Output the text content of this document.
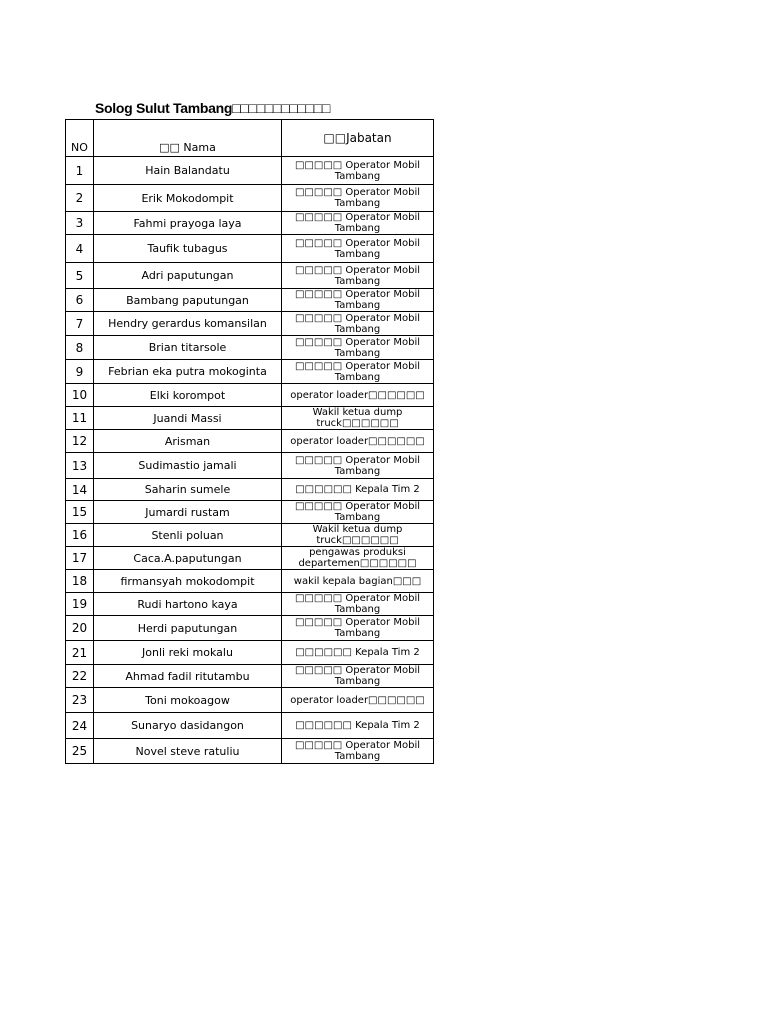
Solog Sulut Tambang□□□□□□□□□□□□
NO	□□ Nama	□□Jabatan
1	Hain Balandatu	□□□□□ Operator Mobil Tambang

2	Erik Mokodompit	□□□□□ Operator Mobil Tambang

3	Fahmi prayoga laya	□□□□□ Operator Mobil Tambang

4	Taufik tubagus	□□□□□ Operator Mobil Tambang

5	Adri paputungan	□□□□□ Operator Mobil Tambang

6	Bambang paputungan	□□□□□ Operator Mobil Tambang

7	Hendry gerardus komansilan	□□□□□ Operator Mobil Tambang

8	Brian titarsole	□□□□□ Operator Mobil Tambang

9	Febrian eka putra mokoginta	□□□□□ Operator Mobil Tambang

10	Elki korompot	operator loader□□□□□□

11	Juandi Massi	Wakil ketua dump truck□□□□□□

12	Arisman	operator loader□□□□□□

13	Sudimastio jamali	□□□□□ Operator Mobil Tambang

14	Saharin sumele	□□□□□□ Kepala Tim 2

15	Jumardi rustam	□□□□□ Operator Mobil Tambang

16	Stenli poluan	Wakil ketua dump truck□□□□□□

17	Caca.A.paputungan	pengawas produksi departemen□□□□□□

18	firmansyah mokodompit	wakil kepala bagian□□□

19	Rudi hartono kaya	□□□□□ Operator Mobil Tambang

20	Herdi paputungan	□□□□□ Operator Mobil Tambang

21	Jonli reki mokalu	□□□□□□ Kepala Tim 2

22	Ahmad fadil ritutambu	□□□□□ Operator Mobil Tambang

23	Toni mokoagow	operator loader□□□□□□

24	Sunaryo dasidangon	□□□□□□ Kepala Tim 2

25	Novel steve ratuliu	□□□□□ Operator Mobil Tambang
